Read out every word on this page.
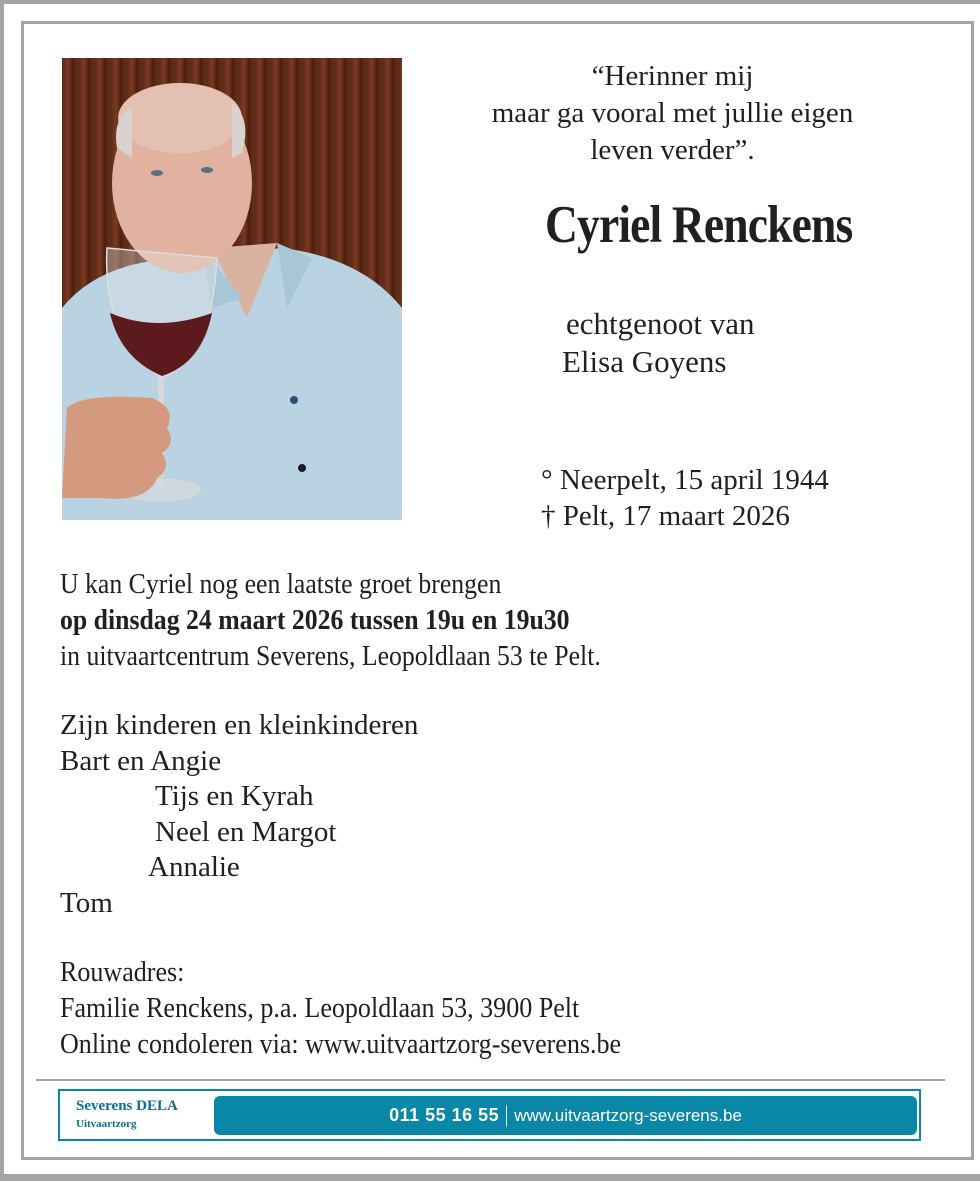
“Herinner mij
maar ga vooral met jullie eigen
leven verder”.
Cyriel Renckens
echtgenoot van
Elisa Goyens
° Neerpelt, 15 april 1944
† Pelt, 17 maart 2026
U kan Cyriel nog een laatste groet brengen
op dinsdag 24 maart 2026 tussen 19u en 19u30
in uitvaartcentrum Severens, Leopoldlaan 53 te Pelt.
Zijn kinderen en kleinkinderen
Bart en Angie
Tijs en Kyrah
Neel en Margot
Annalie
Tom
Rouwadres:
Familie Renckens, p.a. Leopoldlaan 53, 3900 Pelt
Online condoleren via: www.uitvaartzorg-severens.be
Severens DELA
Uitvaartzorg	011 55 16 55 www.uitvaartzorg-severens.be
